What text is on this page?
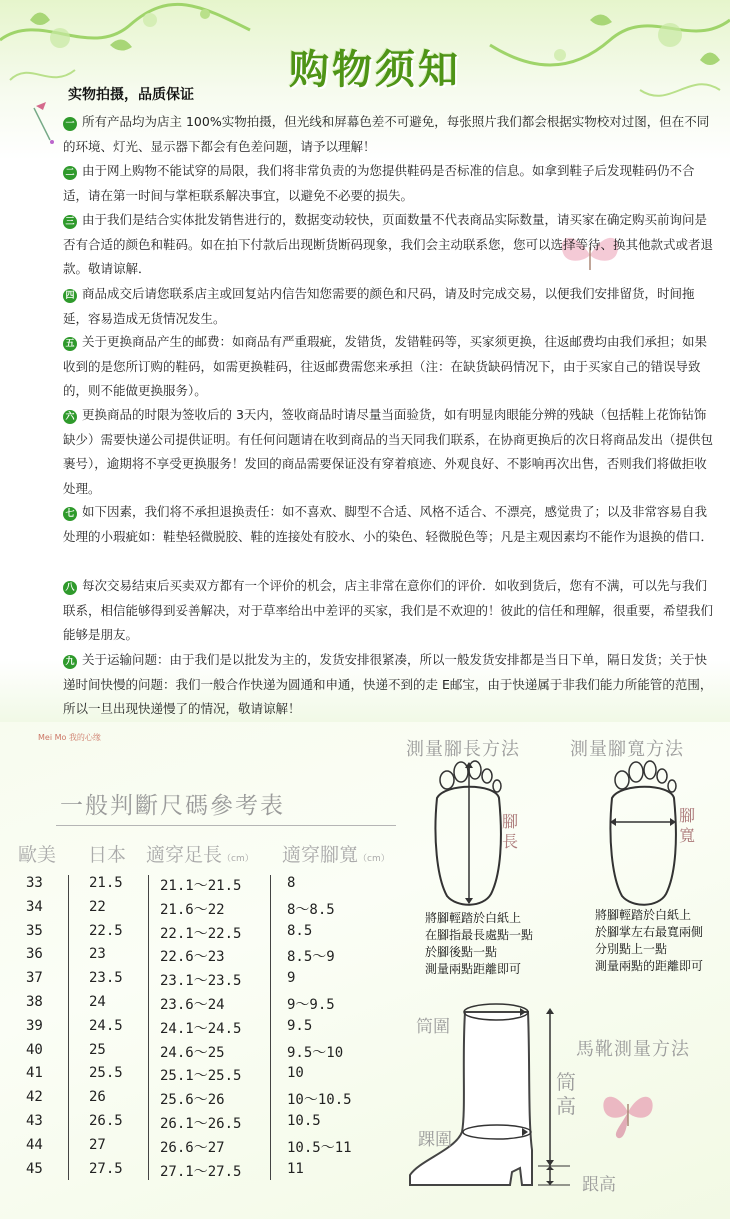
购物须知
实物拍摄，品质保证
一 所有产品均为店主 100%实物拍摄，但光线和屏幕色差不可避免，每张照片我们都会根据实物校对过图，但在不同的环境、灯光、显示器下都会有色差问题，请予以理解！
二 由于网上购物不能试穿的局限，我们将非常负责的为您提供鞋码是否标准的信息。如拿到鞋子后发现鞋码仍不合适，请在第一时间与掌柜联系解决事宜，以避免不必要的损失。
三 由于我们是结合实体批发销售进行的，数据变动较快，页面数量不代表商品实际数量，请买家在确定购买前询问是否有合适的颜色和鞋码。如在拍下付款后出现断货断码现象，我们会主动联系您，您可以选择等待、换其他款式或者退款。敬请谅解．
四 商品成交后请您联系店主或回复站内信告知您需要的颜色和尺码，请及时完成交易，以便我们安排留货，时间拖延，容易造成无货情况发生。
五 关于更换商品产生的邮费：如商品有严重瑕疵，发错货，发错鞋码等，买家须更换，往返邮费均由我们承担；如果收到的是您所订购的鞋码，如需更换鞋码，往返邮费需您来承担（注：在缺货缺码情况下，由于买家自己的错误导致的，则不能做更换服务）。
六 更换商品的时限为签收后的 3天内，签收商品时请尽量当面验货，如有明显肉眼能分辨的残缺（包括鞋上花饰钻饰缺少）需要快递公司提供证明。有任何问题请在收到商品的当天同我们联系，在协商更换后的次日将商品发出（提供包裹号），逾期将不享受更换服务！发回的商品需要保证没有穿着痕迹、外观良好、不影响再次出售，否则我们将做拒收处理。
七 如下因素，我们将不承担退换责任：如不喜欢、脚型不合适、风格不适合、不漂亮，感觉贵了；以及非常容易自我处理的小瑕疵如：鞋垫轻微脱胶、鞋的连接处有胶水、小的染色、轻微脱色等；凡是主观因素均不能作为退换的借口．
八 每次交易结束后买卖双方都有一个评价的机会，店主非常在意你们的评价．如收到货后，您有不满，可以先与我们联系，相信能够得到妥善解决，对于草率给出中差评的买家，我们是不欢迎的！彼此的信任和理解，很重要，希望我们能够是朋友。
九 关于运输问题：由于我们是以批发为主的，发货安排很紧凑，所以一般发货安排都是当日下单，隔日发货；关于快递时间快慢的问题：我们一般合作快递为圆通和申通，快递不到的走 E邮宝，由于快递属于非我们能力所能管的范围，所以一旦出现快递慢了的情况，敬请谅解！
Mei Mo 我的心缘
一般判斷尺碼參考表
歐美 日本 適穿足長（cm） 適穿腳寬（cm）
33	21.5	21.1～21.5	8
34	22	21.6～22	8～8.5
35	22.5	22.1～22.5	8.5
36	23	22.6～23	8.5～9
37	23.5	23.1～23.5	9
38	24	23.6～24	9～9.5
39	24.5	24.1～24.5	9.5
40	25	24.6～25	9.5～10
41	25.5	25.1～25.5	10
42	26	25.6～26	10～10.5
43	26.5	26.1～26.5	10.5
44	27	26.6～27	10.5～11
45	27.5	27.1～27.5	11
測量腳長方法	測量腳寬方法
腳長
腳寬
將腳輕踏於白紙上
在腳指最長處點一點
於腳後點一點
測量兩點距離即可
將腳輕踏於白紙上
於腳掌左右最寬兩側
分別點上一點
測量兩點的距離即可
筒圍
踝圍
筒高
跟高
馬靴測量方法
